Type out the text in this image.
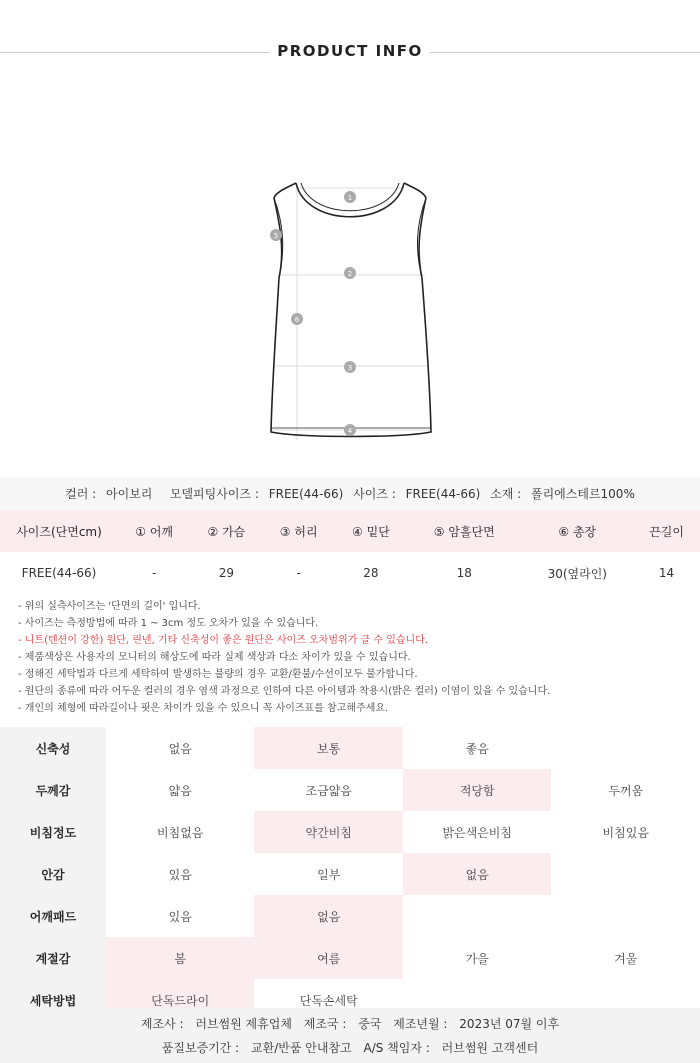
PRODUCT INFO
1
2
3
4
5
6
컬러 : 아이보리 모델피팅사이즈 : FREE(44-66) 사이즈 : FREE(44-66) 소재 : 폴리에스테르100%
사이즈(단면cm)	① 어깨	② 가슴	③ 허리	④ 밑단	⑤ 암홀단면	⑥ 총장	끈길이
FREE(44-66)	-	29	-	28	18	30(옆라인)	14
- 위의 실측사이즈는 '단면의 길이' 입니다.
- 사이즈는 측정방법에 따라 1 ~ 3cm 정도 오차가 있을 수 있습니다.
- 니트(텐션이 강한) 원단, 린넨, 기타 신축성이 좋은 원단은 사이즈 오차범위가 클 수 있습니다.
- 제품색상은 사용자의 모니터의 해상도에 따라 실제 색상과 다소 차이가 있을 수 있습니다.
- 정해진 세탁법과 다르게 세탁하여 발생하는 불량의 경우 교환/환불/수선이모두 불가합니다.
- 원단의 종류에 따라 어두운 컬러의 경우 염색 과정으로 인하여 다른 아이템과 착용시(밝은 컬러) 이염이 있을 수 있습니다.
- 개인의 체형에 따라길이나 핏은 차이가 있을 수 있으니 꼭 사이즈표를 참고해주세요.
신축성	없음	보통	좋음	
두께감	얇음	조금얇음	적당함	두꺼움
비침정도	비침없음	약간비침	밝은색은비침	비침있음
안감	있음	일부	없음	
어깨패드	있음	없음		
계절감	봄	여름	가을	겨울
세탁방법	단독드라이	단독손세탁		
제조사 : 러브썸원 제휴업체 제조국 : 중국 제조년월 : 2023년 07월 이후
품질보증기간 : 교환/반품 안내참고 A/S 책임자 : 러브썸원 고객센터
